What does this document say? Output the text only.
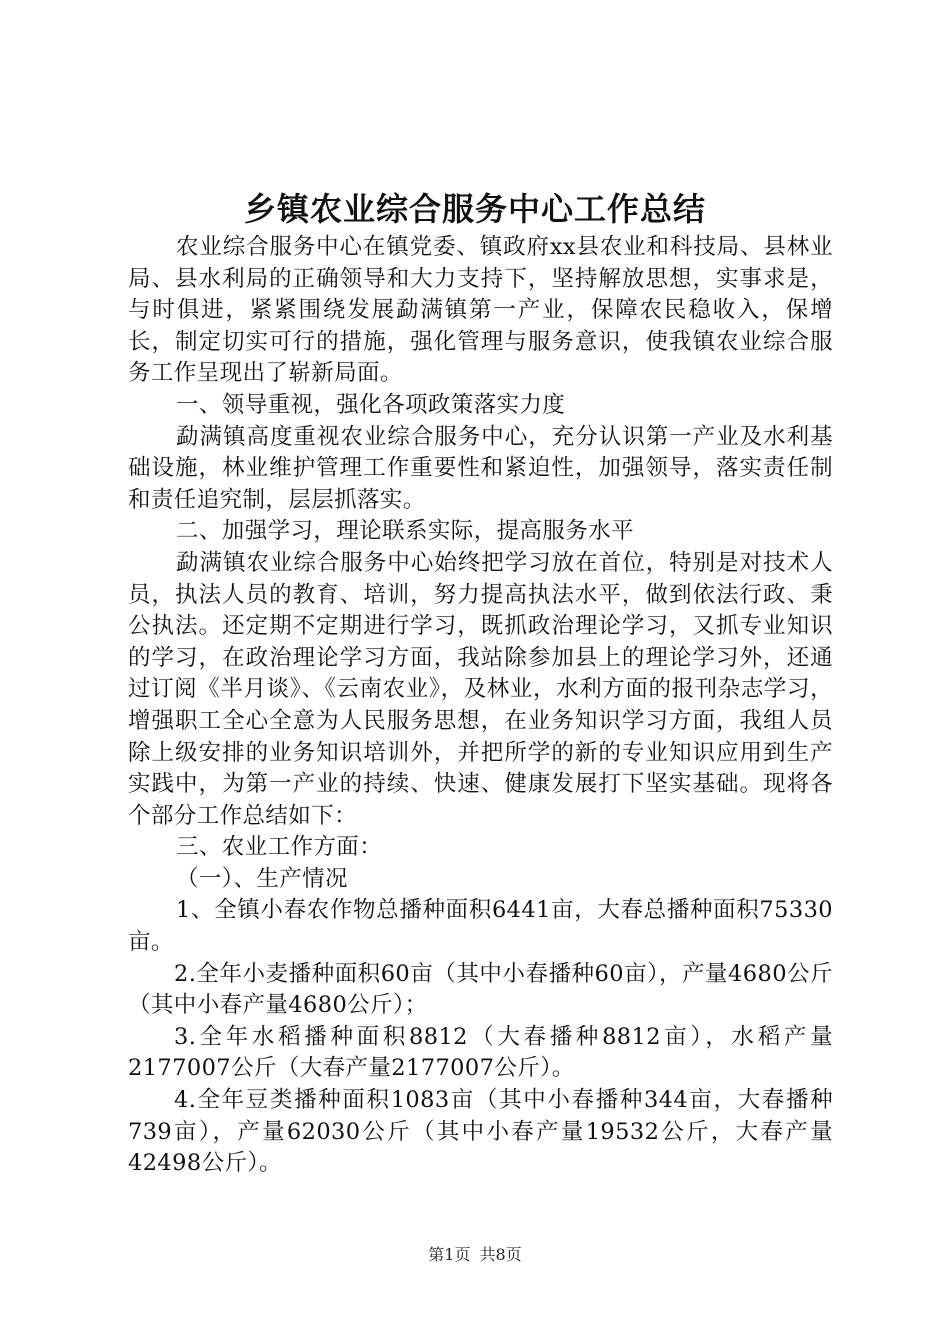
乡镇农业综合服务中心工作总结

农业综合服务中心在镇党委、镇政府xx县农业和科技局、县林业局、县水利局的正确领导和大力支持下，坚持解放思想，实事求是，与时俱进，紧紧围绕发展勐满镇第一产业，保障农民稳收入，保增长，制定切实可行的措施，强化管理与服务意识，使我镇农业综合服务工作呈现出了崭新局面。

一、领导重视，强化各项政策落实力度

勐满镇高度重视农业综合服务中心，充分认识第一产业及水利基础设施，林业维护管理工作重要性和紧迫性，加强领导，落实责任制和责任追究制，层层抓落实。

二、加强学习，理论联系实际，提高服务水平

勐满镇农业综合服务中心始终把学习放在首位，特别是对技术人员，执法人员的教育、培训，努力提高执法水平，做到依法行政、秉公执法。还定期不定期进行学习，既抓政治理论学习，又抓专业知识的学习，在政治理论学习方面，我站除参加县上的理论学习外，还通过订阅《半月谈》、《云南农业》，及林业，水利方面的报刊杂志学习，增强职工全心全意为人民服务思想，在业务知识学习方面，我组人员除上级安排的业务知识培训外，并把所学的新的专业知识应用到生产实践中，为第一产业的持续、快速、健康发展打下坚实基础。现将各个部分工作总结如下：

三、农业工作方面：

（一）、生产情况

1、全镇小春农作物总播种面积6441亩，大春总播种面积75330亩。

2.全年小麦播种面积60亩（其中小春播种60亩），产量4680公斤（其中小春产量4680公斤）；

3.全年水稻播种面积8812（大春播种8812亩），水稻产量2177007公斤（大春产量2177007公斤）。

4.全年豆类播种面积1083亩（其中小春播种344亩，大春播种739亩），产量62030公斤（其中小春产量19532公斤，大春产量42498公斤）。

第1页 共8页
